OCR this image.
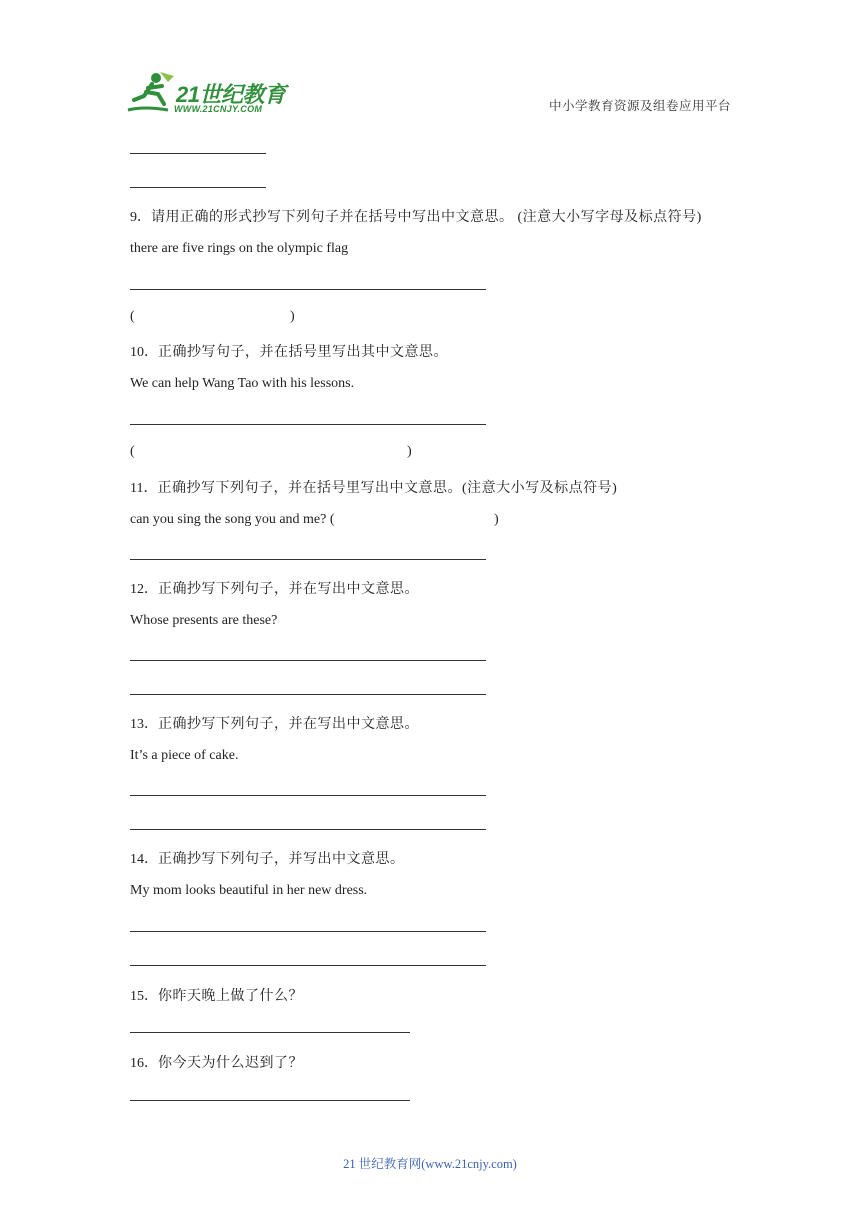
21世纪教育
WWW.21CNJY.COM	中小学教育资源及组卷应用平台
9．请用正确的形式抄写下列句子并在括号中写出中文意思。 (注意大小写字母及标点符号)
there are five rings on the olympic flag
(	)
10．正确抄写句子，并在括号里写出其中文意思。
We can help Wang Tao with his lessons.
(	)
11．正确抄写下列句子，并在括号里写出中文意思。(注意大小写及标点符号)
can you sing the song you and me? (	)
12．正确抄写下列句子，并在写出中文意思。
Whose presents are these?
13．正确抄写下列句子，并在写出中文意思。
It’s a piece of cake.
14．正确抄写下列句子，并写出中文意思。
My mom looks beautiful in her new dress.
15．你昨天晚上做了什么？
16．你今天为什么迟到了？
21 世纪教育网(www.21cnjy.com)
